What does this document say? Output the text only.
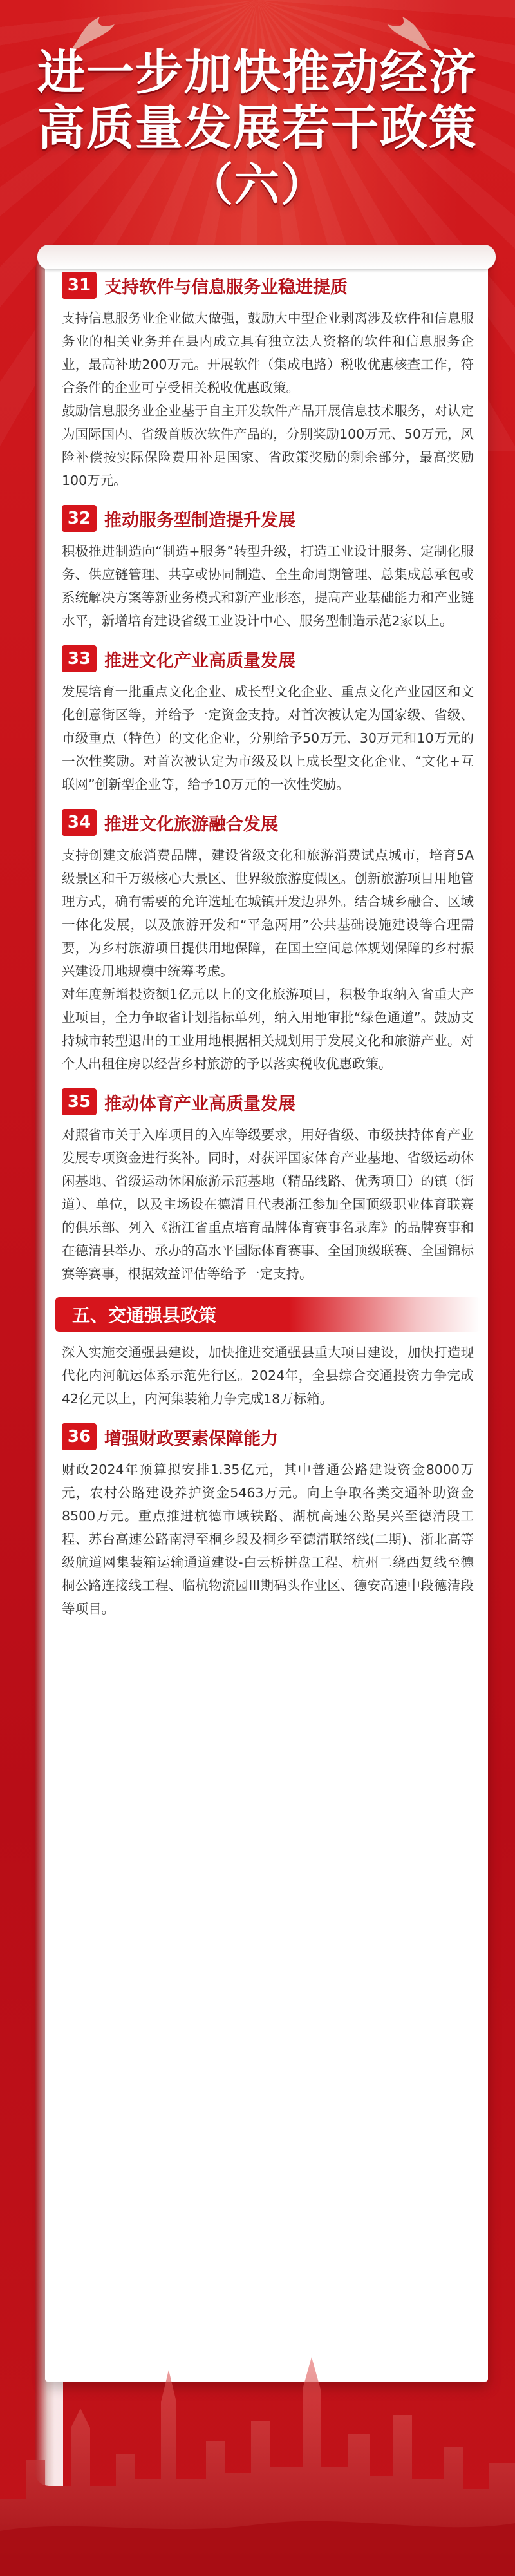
进一步加快推动经济
高质量发展若干政策
（六）
31 支持软件与信息服务业稳进提质

支持信息服务业企业做大做强，鼓励大中型企业剥离涉及软件和信息服务业的相关业务并在县内成立具有独立法人资格的软件和信息服务企业，最高补助200万元。开展软件（集成电路）税收优惠核查工作，符合条件的企业可享受相关税收优惠政策。

鼓励信息服务业企业基于自主开发软件产品开展信息技术服务，对认定为国际国内、省级首版次软件产品的，分别奖励100万元、50万元，风险补偿按实际保险费用补足国家、省政策奖励的剩余部分，最高奖励100万元。

32 推动服务型制造提升发展

积极推进制造向“制造+服务”转型升级，打造工业设计服务、定制化服务、供应链管理、共享或协同制造、全生命周期管理、总集成总承包或系统解决方案等新业务模式和新产业形态，提高产业基础能力和产业链水平，新增培育建设省级工业设计中心、服务型制造示范2家以上。

33 推进文化产业高质量发展

发展培育一批重点文化企业、成长型文化企业、重点文化产业园区和文化创意街区等，并给予一定资金支持。对首次被认定为国家级、省级、市级重点（特色）的文化企业，分别给予50万元、30万元和10万元的一次性奖励。对首次被认定为市级及以上成长型文化企业、“文化+互联网”创新型企业等，给予10万元的一次性奖励。

34 推进文化旅游融合发展

支持创建文旅消费品牌，建设省级文化和旅游消费试点城市，培育5A级景区和千万级核心大景区、世界级旅游度假区。创新旅游项目用地管理方式，确有需要的允许选址在城镇开发边界外。结合城乡融合、区域一体化发展，以及旅游开发和“平急两用”公共基础设施建设等合理需要，为乡村旅游项目提供用地保障，在国土空间总体规划保障的乡村振兴建设用地规模中统筹考虑。

对年度新增投资额1亿元以上的文化旅游项目，积极争取纳入省重大产业项目，全力争取省计划指标单列，纳入用地审批“绿色通道”。鼓励支持城市转型退出的工业用地根据相关规划用于发展文化和旅游产业。对个人出租住房以经营乡村旅游的予以落实税收优惠政策。

35 推动体育产业高质量发展

对照省市关于入库项目的入库等级要求，用好省级、市级扶持体育产业发展专项资金进行奖补。同时，对获评国家体育产业基地、省级运动休闲基地、省级运动休闲旅游示范基地（精品线路、优秀项目）的镇（街道）、单位，以及主场设在德清且代表浙江参加全国顶级职业体育联赛的俱乐部、列入《浙江省重点培育品牌体育赛事名录库》的品牌赛事和在德清县举办、承办的高水平国际体育赛事、全国顶级联赛、全国锦标赛等赛事，根据效益评估等给予一定支持。

五、交通强县政策

深入实施交通强县建设，加快推进交通强县重大项目建设，加快打造现代化内河航运体系示范先行区。2024年，全县综合交通投资力争完成42亿元以上，内河集装箱力争完成18万标箱。

36 增强财政要素保障能力

财政2024年预算拟安排1.35亿元，其中普通公路建设资金8000万元，农村公路建设养护资金5463万元。向上争取各类交通补助资金8500万元。重点推进杭德市域铁路、湖杭高速公路吴兴至德清段工程、苏台高速公路南浔至桐乡段及桐乡至德清联络线(二期)、浙北高等级航道网集装箱运输通道建设-白云桥拼盘工程、杭州二绕西复线至德桐公路连接线工程、临杭物流园III期码头作业区、德安高速中段德清段等项目。
